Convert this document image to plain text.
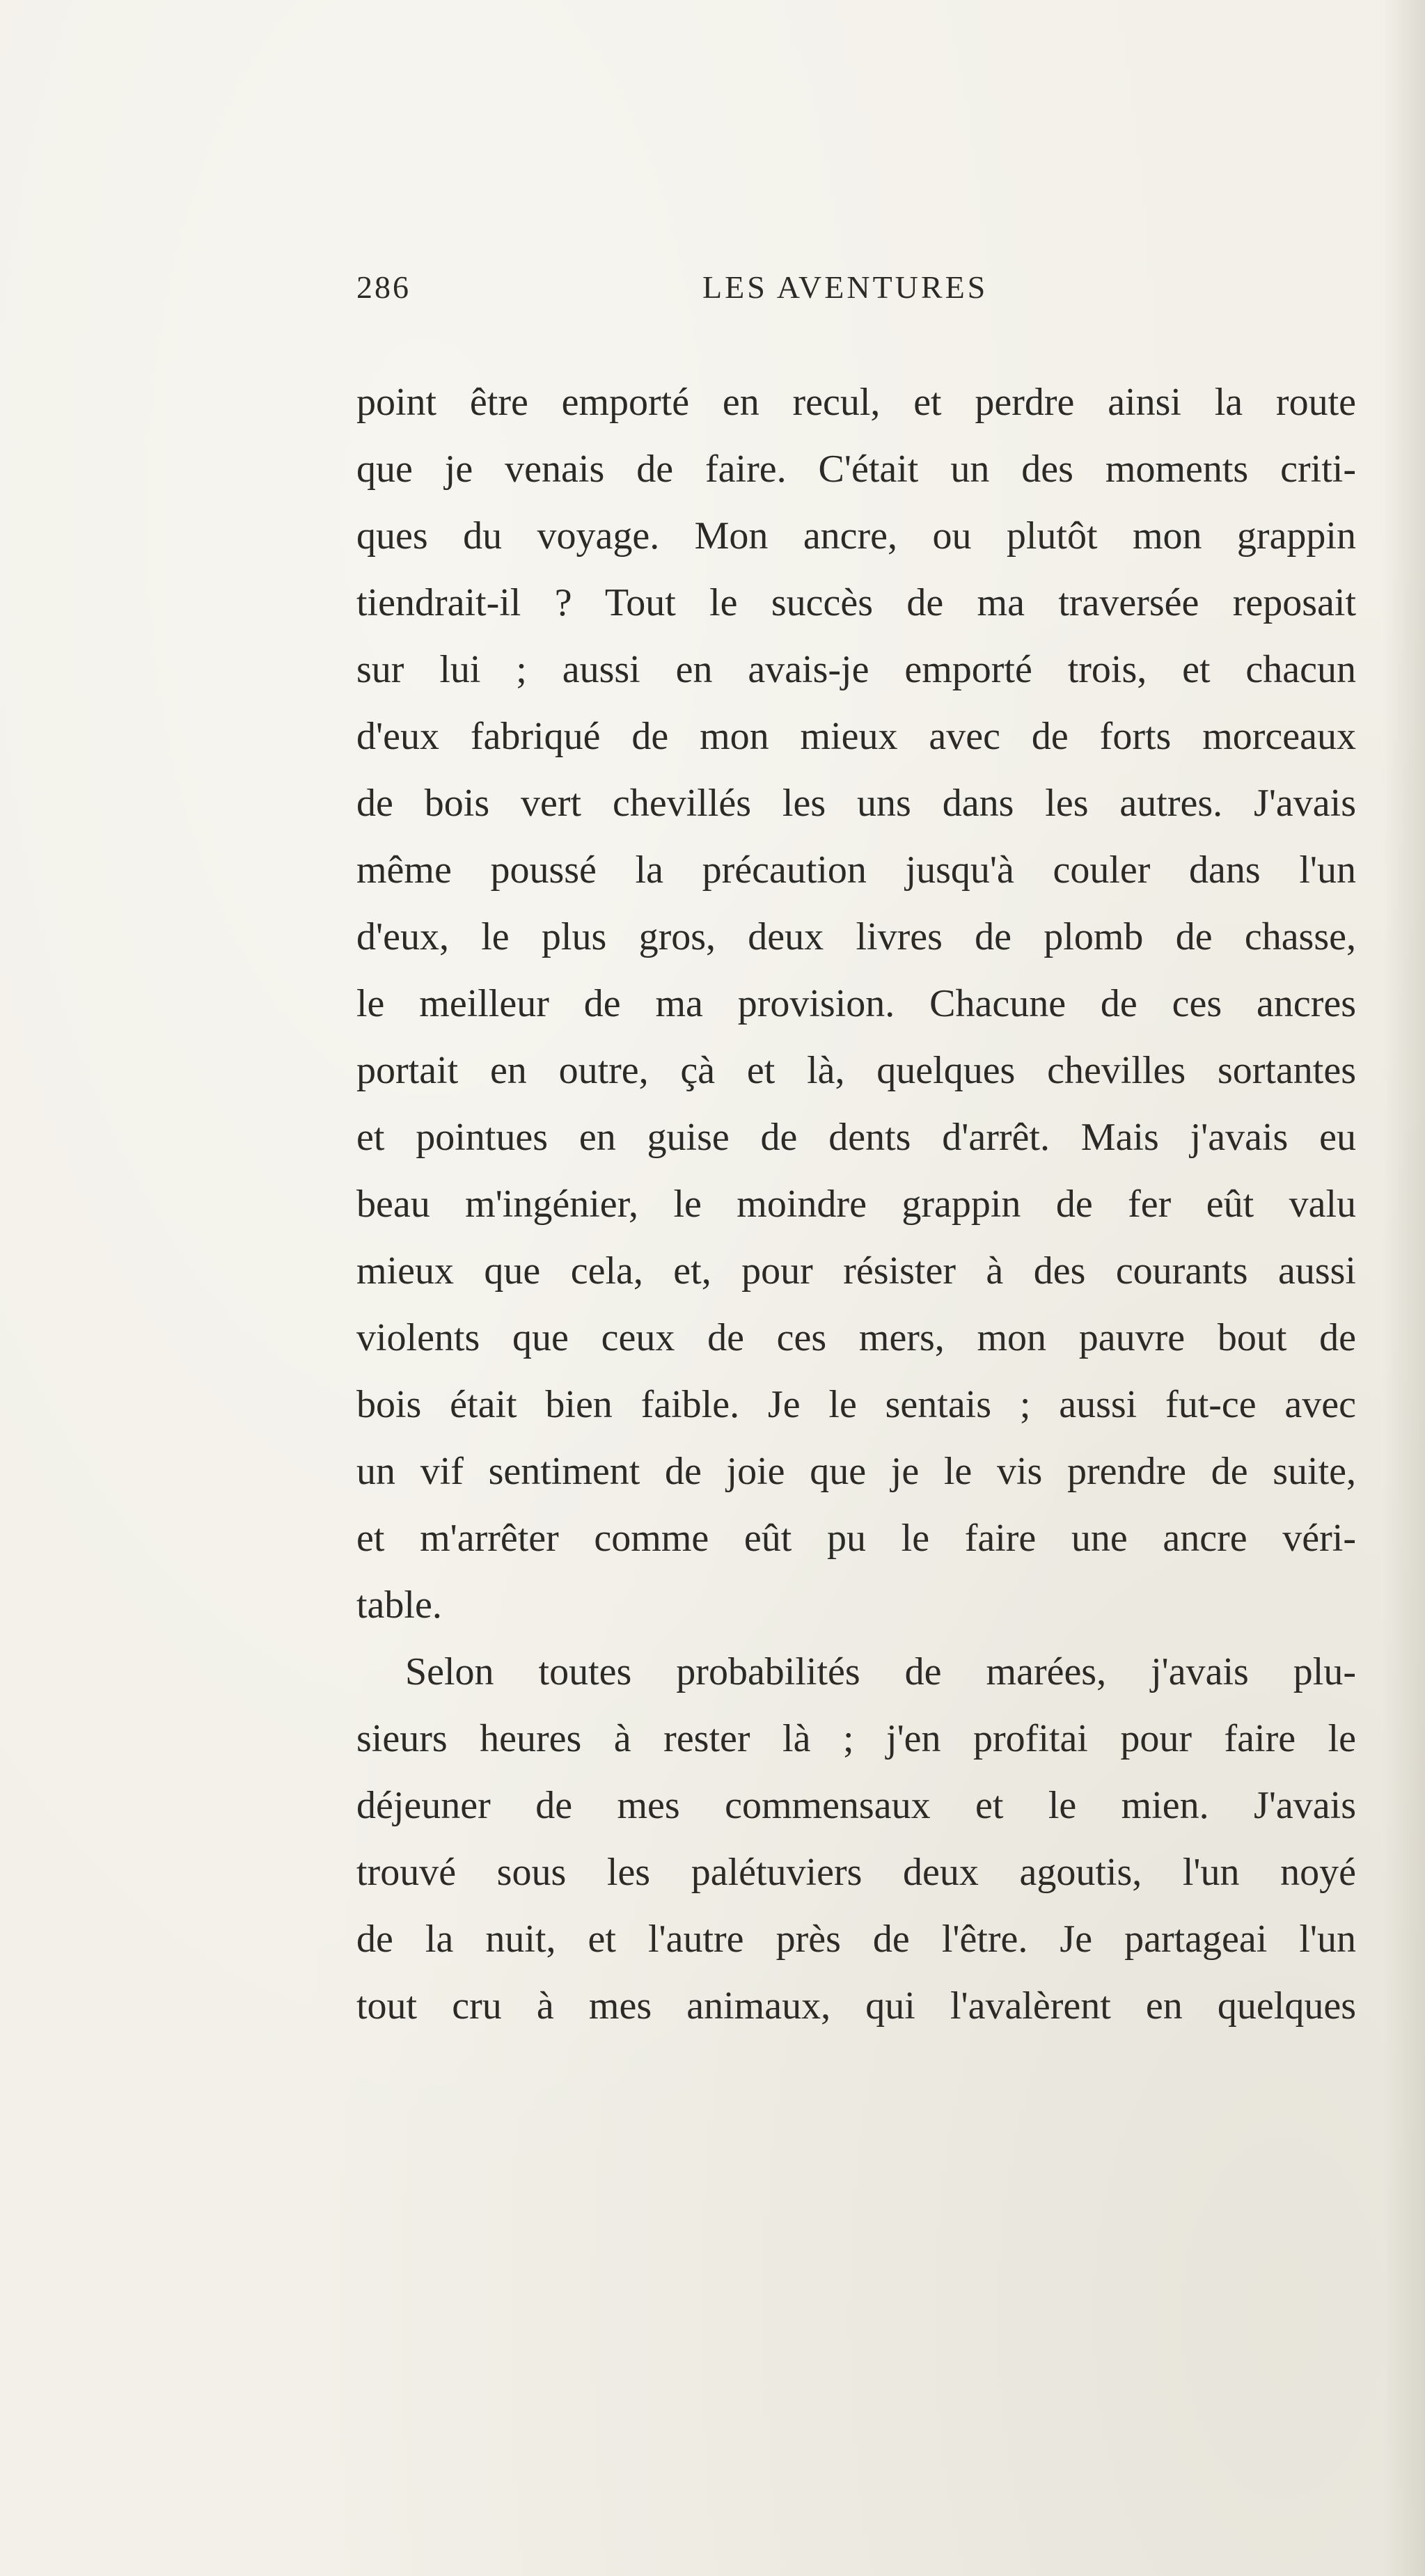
286	LES AVENTURES
point être emporté en recul, et perdre ainsi la route
que je venais de faire. C'était un des moments criti-
ques du voyage. Mon ancre, ou plutôt mon grappin
tiendrait-il ? Tout le succès de ma traversée reposait
sur lui ; aussi en avais-je emporté trois, et chacun
d'eux fabriqué de mon mieux avec de forts morceaux
de bois vert chevillés les uns dans les autres. J'avais
même poussé la précaution jusqu'à couler dans l'un
d'eux, le plus gros, deux livres de plomb de chasse,
le meilleur de ma provision. Chacune de ces ancres
portait en outre, çà et là, quelques chevilles sortantes
et pointues en guise de dents d'arrêt. Mais j'avais eu
beau m'ingénier, le moindre grappin de fer eût valu
mieux que cela, et, pour résister à des courants aussi
violents que ceux de ces mers, mon pauvre bout de
bois était bien faible. Je le sentais ; aussi fut-ce avec
un vif sentiment de joie que je le vis prendre de suite,
et m'arrêter comme eût pu le faire une ancre véri-
table.
Selon toutes probabilités de marées, j'avais plu-
sieurs heures à rester là ; j'en profitai pour faire le
déjeuner de mes commensaux et le mien. J'avais
trouvé sous les palétuviers deux agoutis, l'un noyé
de la nuit, et l'autre près de l'être. Je partageai l'un
tout cru à mes animaux, qui l'avalèrent en quelques
